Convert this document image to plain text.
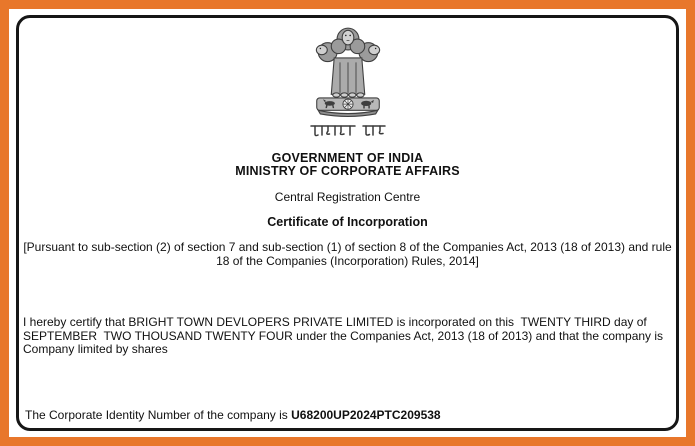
GOVERNMENT OF INDIA
MINISTRY OF CORPORATE AFFAIRS
Central Registration Centre
Certificate of Incorporation
[Pursuant to sub-section (2) of section 7 and sub-section (1) of section 8 of the Companies Act, 2013 (18 of 2013) and rule 18 of the Companies (Incorporation) Rules, 2014]
I hereby certify that BRIGHT TOWN DEVLOPERS PRIVATE LIMITED is incorporated on this  TWENTY THIRD day of SEPTEMBER  TWO THOUSAND TWENTY FOUR under the Companies Act, 2013 (18 of 2013) and that the company is Company limited by shares
The Corporate Identity Number of the company is U68200UP2024PTC209538
